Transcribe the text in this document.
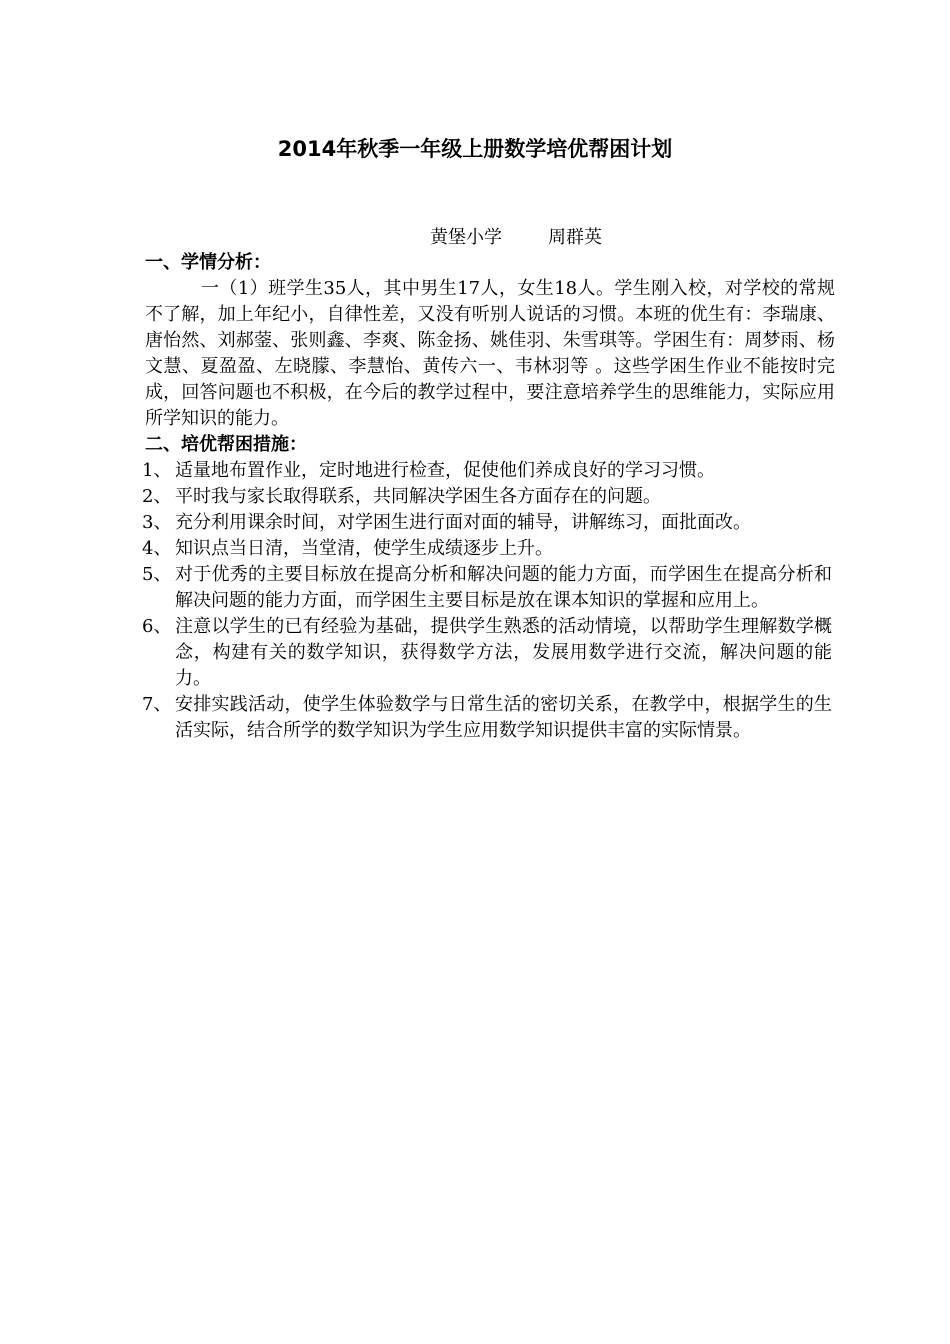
2014年秋季一年级上册数学培优帮困计划
黄堡小学	周群英

一、学情分析：

一（1）班学生35人，其中男生17人，女生18人。学生刚入校，对学校的常规不了解，加上年纪小，自律性差，又没有听别人说话的习惯。本班的优生有：李瑞康、唐怡然、刘郝蓥、张则鑫、李爽、陈金扬、姚佳羽、朱雪琪等。学困生有：周梦雨、杨文慧、夏盈盈、左晓朦、李慧怡、黄传六一、韦林羽等 。这些学困生作业不能按时完成，回答问题也不积极，在今后的教学过程中，要注意培养学生的思维能力，实际应用所学知识的能力。

二、培优帮困措施：

1、 适量地布置作业，定时地进行检查，促使他们养成良好的学习习惯。
2、 平时我与家长取得联系，共同解决学困生各方面存在的问题。
3、 充分利用课余时间，对学困生进行面对面的辅导，讲解练习，面批面改。
4、 知识点当日清，当堂清，使学生成绩逐步上升。
5、 对于优秀的主要目标放在提高分析和解决问题的能力方面，而学困生在提高分析和解决问题的能力方面，而学困生主要目标是放在课本知识的掌握和应用上。
6、 注意以学生的已有经验为基础，提供学生熟悉的活动情境，以帮助学生理解数学概念，构建有关的数学知识，获得数学方法，发展用数学进行交流，解决问题的能力。
7、 安排实践活动，使学生体验数学与日常生活的密切关系，在教学中，根据学生的生活实际，结合所学的数学知识为学生应用数学知识提供丰富的实际情景。
